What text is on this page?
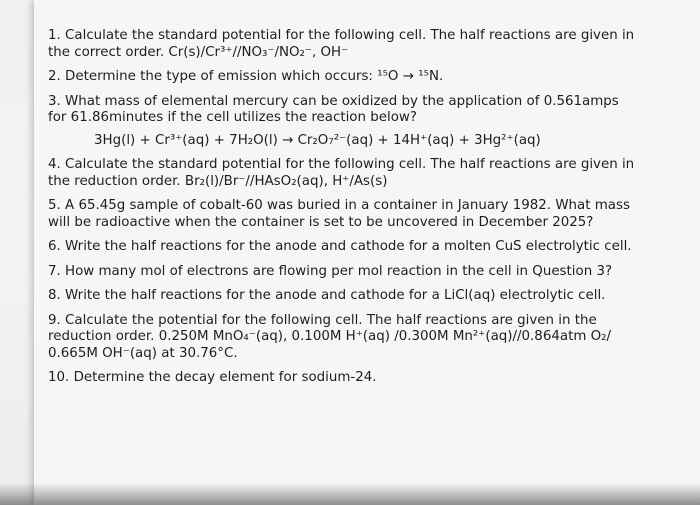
1. Calculate the standard potential for the following cell. The half reactions are given in
the correct order. Cr(s)/Cr³⁺//NO₃⁻/NO₂⁻, OH⁻
2. Determine the type of emission which occurs: ¹⁵O → ¹⁵N.
3. What mass of elemental mercury can be oxidized by the application of 0.561amps
for 61.86minutes if the cell utilizes the reaction below?
3Hg(l) + Cr³⁺(aq) + 7H₂O(l) → Cr₂O₇²⁻(aq) + 14H⁺(aq) + 3Hg²⁺(aq)
4. Calculate the standard potential for the following cell. The half reactions are given in
the reduction order. Br₂(l)/Br⁻//HAsO₂(aq), H⁺/As(s)
5. A 65.45g sample of cobalt-60 was buried in a container in January 1982. What mass
will be radioactive when the container is set to be uncovered in December 2025?
6. Write the half reactions for the anode and cathode for a molten CuS electrolytic cell.
7. How many mol of electrons are flowing per mol reaction in the cell in Question 3?
8. Write the half reactions for the anode and cathode for a LiCl(aq) electrolytic cell.
9. Calculate the potential for the following cell. The half reactions are given in the
reduction order. 0.250M MnO₄⁻(aq), 0.100M H⁺(aq) /0.300M Mn²⁺(aq)//0.864atm O₂/
0.665M OH⁻(aq) at 30.76°C.
10. Determine the decay element for sodium-24.
